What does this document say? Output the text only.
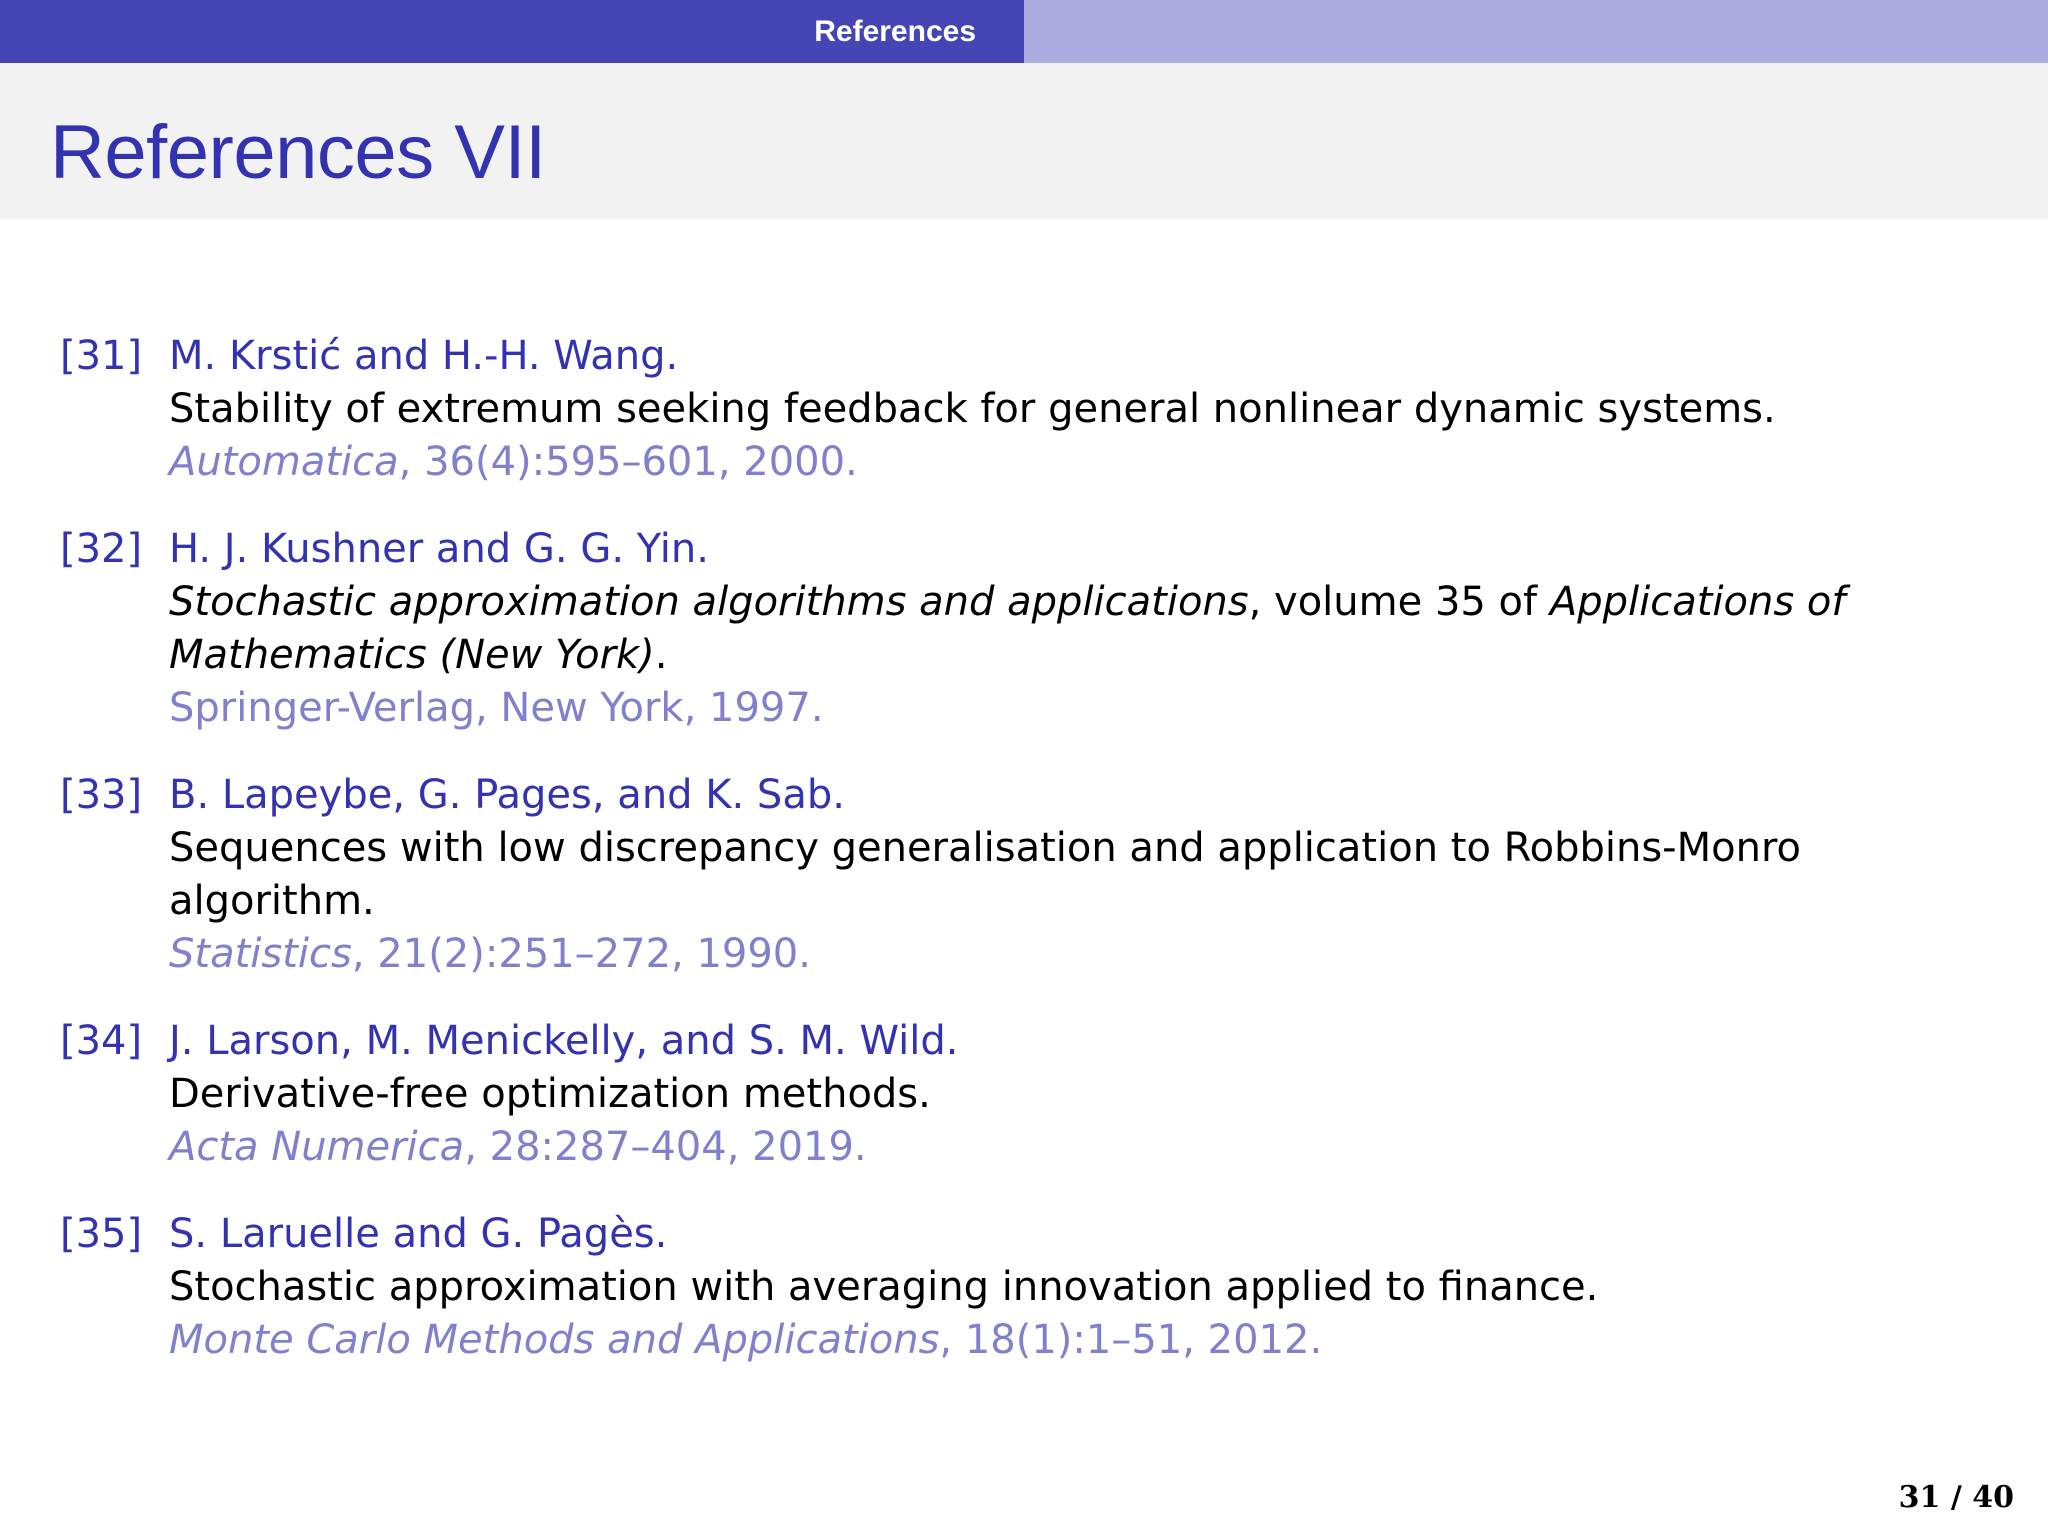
References
References VII
[31] M. Krstić and H.-H. Wang.
Stability of extremum seeking feedback for general nonlinear dynamic systems.
Automatica, 36(4):595–601, 2000.
[32] H. J. Kushner and G. G. Yin.
Stochastic approximation algorithms and applications, volume 35 of Applications of
Mathematics (New York).
Springer-Verlag, New York, 1997.
[33] B. Lapeybe, G. Pages, and K. Sab.
Sequences with low discrepancy generalisation and application to Robbins-Monro
algorithm.
Statistics, 21(2):251–272, 1990.
[34] J. Larson, M. Menickelly, and S. M. Wild.
Derivative-free optimization methods.
Acta Numerica, 28:287–404, 2019.
[35] S. Laruelle and G. Pagès.
Stochastic approximation with averaging innovation applied to finance.
Monte Carlo Methods and Applications, 18(1):1–51, 2012.
31 / 40
